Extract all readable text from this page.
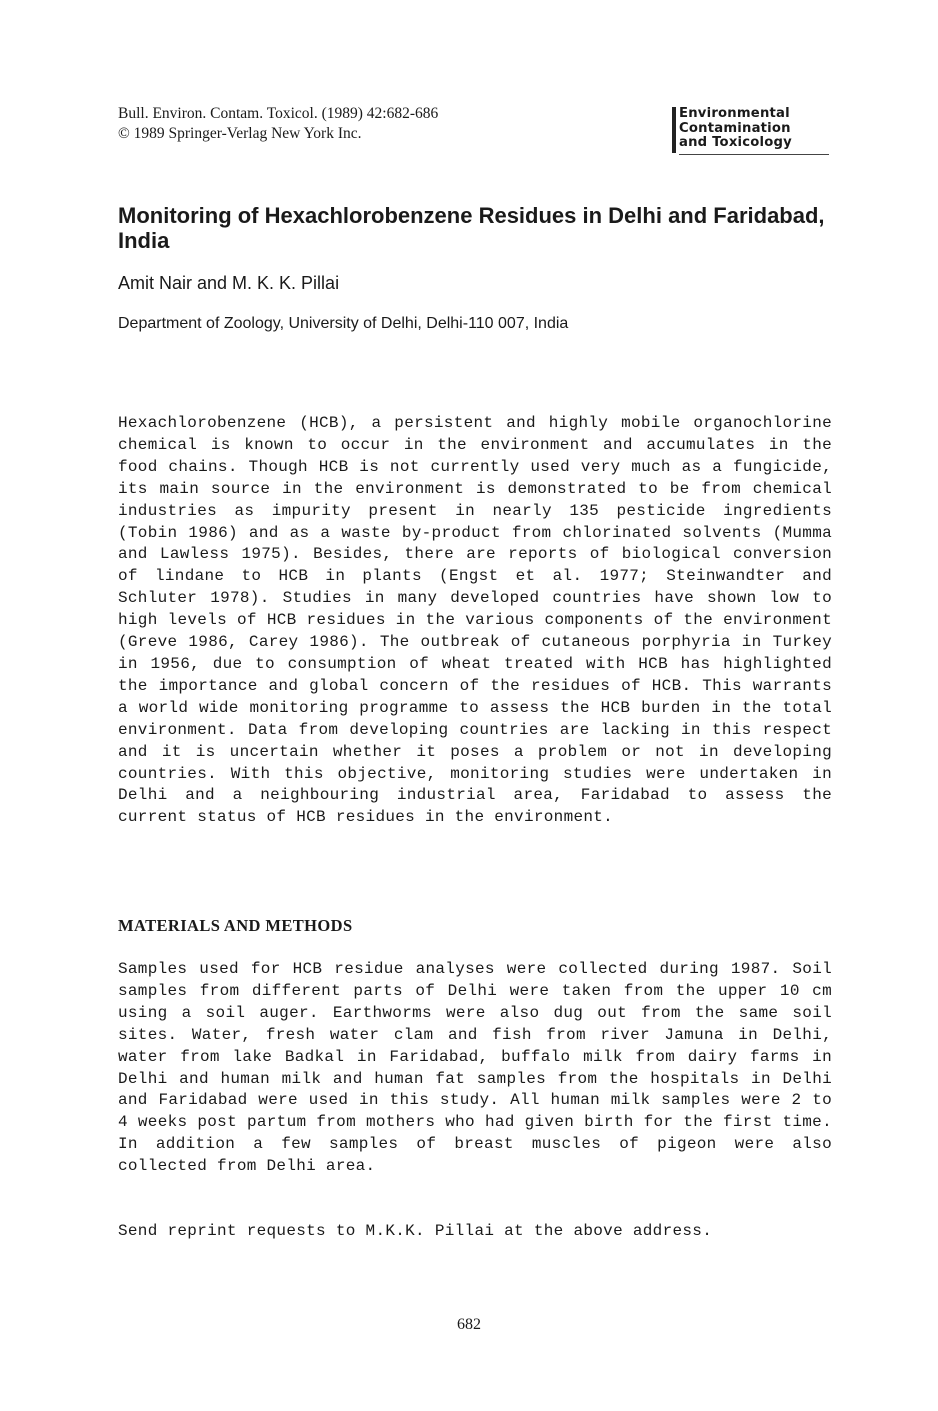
Bull. Environ. Contam. Toxicol. (1989) 42:682-686
© 1989 Springer-Verlag New York Inc.
Environmental
Contamination
and Toxicology
Monitoring of Hexachlorobenzene Residues in Delhi and Faridabad, India
Amit Nair and M. K. K. Pillai
Department of Zoology, University of Delhi, Delhi-110 007, India

Hexachlorobenzene (HCB), a persistent and highly mobile organochlorine chemical is known to occur in the environment and accumulates in the food chains. Though HCB is not currently used very much as a fungicide, its main source in the environment is demonstrated to be from chemical industries as impurity present in nearly 135 pesticide ingredients (Tobin 1986) and as a waste by-product from chlorinated solvents (Mumma and Lawless 1975). Besides, there are reports of biological conversion of lindane to HCB in plants (Engst et al. 1977; Steinwandter and Schluter 1978). Studies in many developed countries have shown low to high levels of HCB residues in the various components of the environment (Greve 1986, Carey 1986). The outbreak of cutaneous porphyria in Turkey in 1956, due to consumption of wheat treated with HCB has highlighted the importance and global concern of the residues of HCB. This warrants a world wide monitoring programme to assess the HCB burden in the total environment. Data from developing countries are lacking in this respect and it is uncertain whether it poses a problem or not in developing countries. With this objective, monitoring studies were undertaken in Delhi and a neighbouring industrial area, Faridabad to assess the current status of HCB residues in the environment.

MATERIALS AND METHODS

Samples used for HCB residue analyses were collected during 1987. Soil samples from different parts of Delhi were taken from the upper 10 cm using a soil auger. Earthworms were also dug out from the same soil sites. Water, fresh water clam and fish from river Jamuna in Delhi, water from lake Badkal in Faridabad, buffalo milk from dairy farms in Delhi and human milk and human fat samples from the hospitals in Delhi and Faridabad were used in this study. All human milk samples were 2 to 4 weeks post partum from mothers who had given birth for the first time. In addition a few samples of breast muscles of pigeon were also collected from Delhi area.

Send reprint requests to M.K.K. Pillai at the above address.
682
